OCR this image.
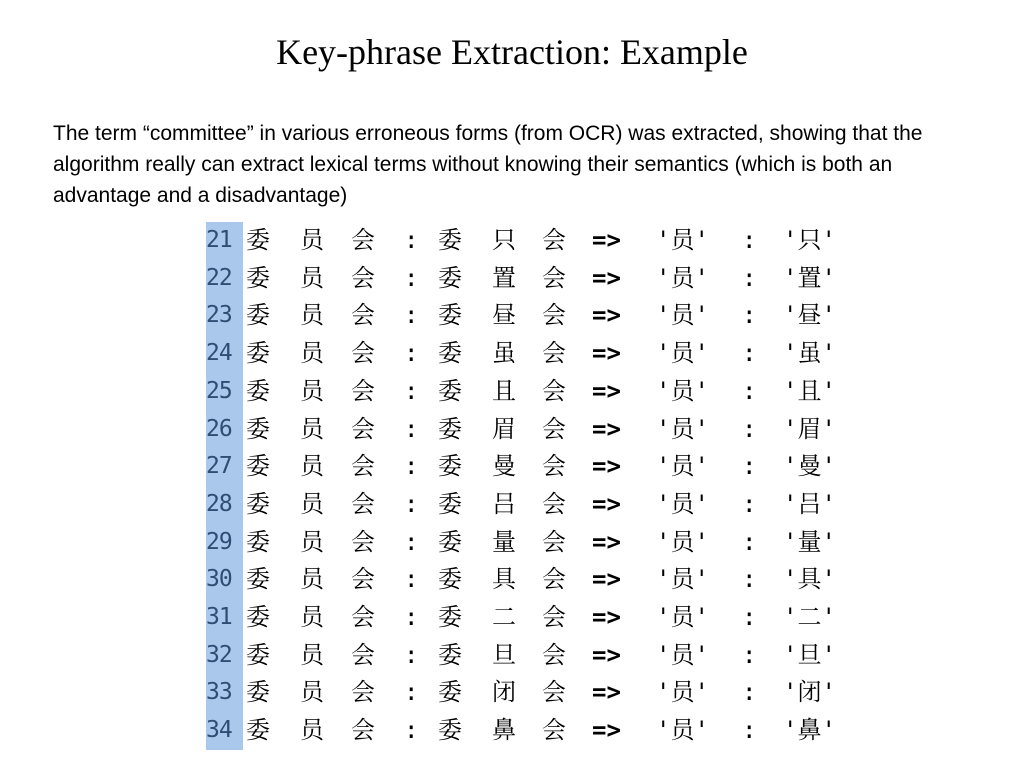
Key-phrase Extraction: Example
The term “committee” in various erroneous forms (from OCR) was extracted, showing that the algorithm really can extract lexical terms without knowing their semantics (which is both an advantage and a disadvantage)
21 委 员 会 : 委 只 会 => '员' : '只'
22 委 员 会 : 委 置 会 => '员' : '置'
23 委 员 会 : 委 昼 会 => '员' : '昼'
24 委 员 会 : 委 虽 会 => '员' : '虽'
25 委 员 会 : 委 且 会 => '员' : '且'
26 委 员 会 : 委 眉 会 => '员' : '眉'
27 委 员 会 : 委 曼 会 => '员' : '曼'
28 委 员 会 : 委 吕 会 => '员' : '吕'
29 委 员 会 : 委 量 会 => '员' : '量'
30 委 员 会 : 委 具 会 => '员' : '具'
31 委 员 会 : 委 二 会 => '员' : '二'
32 委 员 会 : 委 旦 会 => '员' : '旦'
33 委 员 会 : 委 闭 会 => '员' : '闭'
34 委 员 会 : 委 鼻 会 => '员' : '鼻'
